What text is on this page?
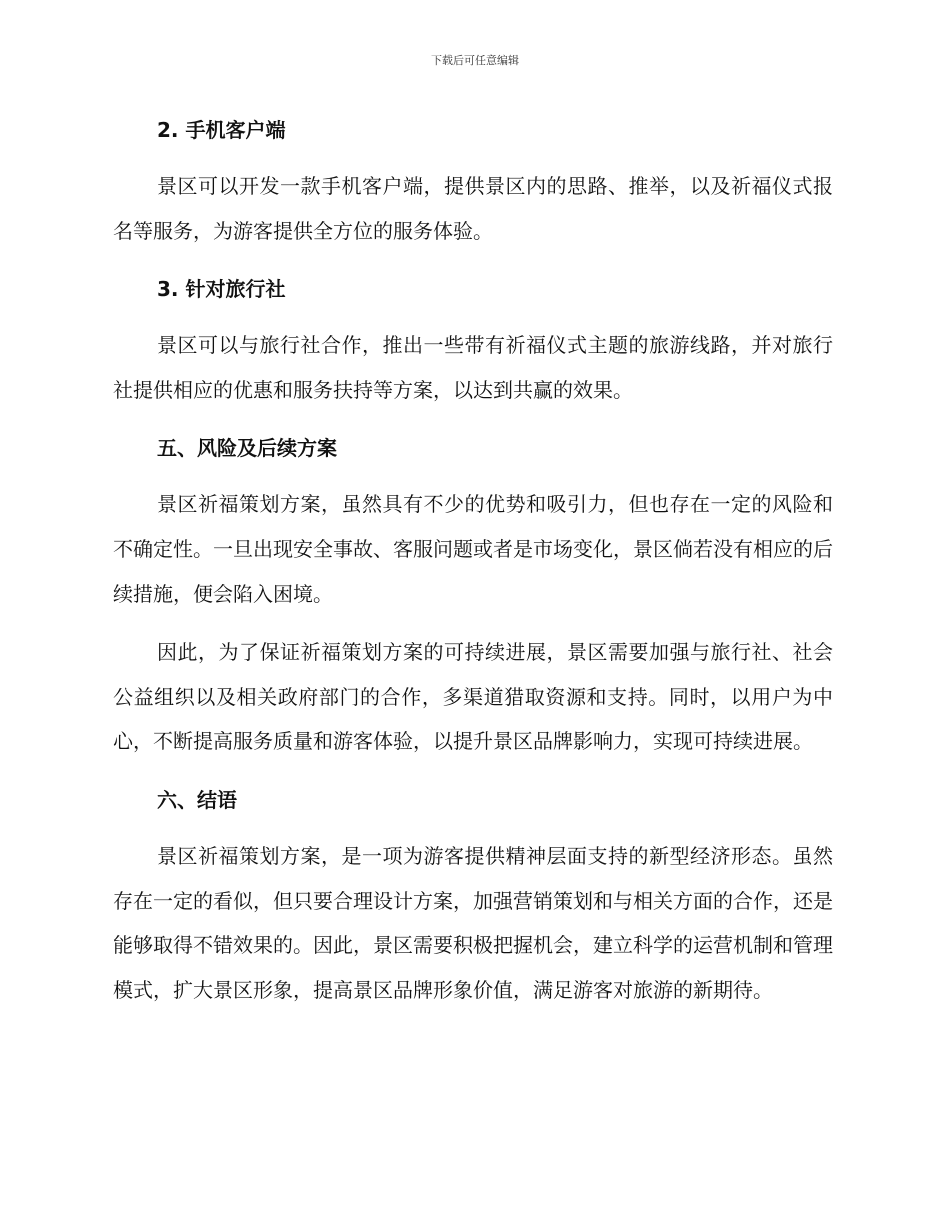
下载后可任意编辑
2. 手机客户端

景区可以开发一款手机客户端，提供景区内的思路、推举，以及祈福仪式报名等服务，为游客提供全方位的服务体验。

3. 针对旅行社

景区可以与旅行社合作，推出一些带有祈福仪式主题的旅游线路，并对旅行社提供相应的优惠和服务扶持等方案，以达到共赢的效果。

五、风险及后续方案

景区祈福策划方案，虽然具有不少的优势和吸引力，但也存在一定的风险和不确定性。一旦出现安全事故、客服问题或者是市场变化，景区倘若没有相应的后续措施，便会陷入困境。

因此，为了保证祈福策划方案的可持续进展，景区需要加强与旅行社、社会公益组织以及相关政府部门的合作，多渠道猎取资源和支持。同时，以用户为中心，不断提高服务质量和游客体验，以提升景区品牌影响力，实现可持续进展。

六、结语

景区祈福策划方案，是一项为游客提供精神层面支持的新型经济形态。虽然存在一定的看似，但只要合理设计方案，加强营销策划和与相关方面的合作，还是能够取得不错效果的。因此，景区需要积极把握机会，建立科学的运营机制和管理模式，扩大景区形象，提高景区品牌形象价值，满足游客对旅游的新期待。
